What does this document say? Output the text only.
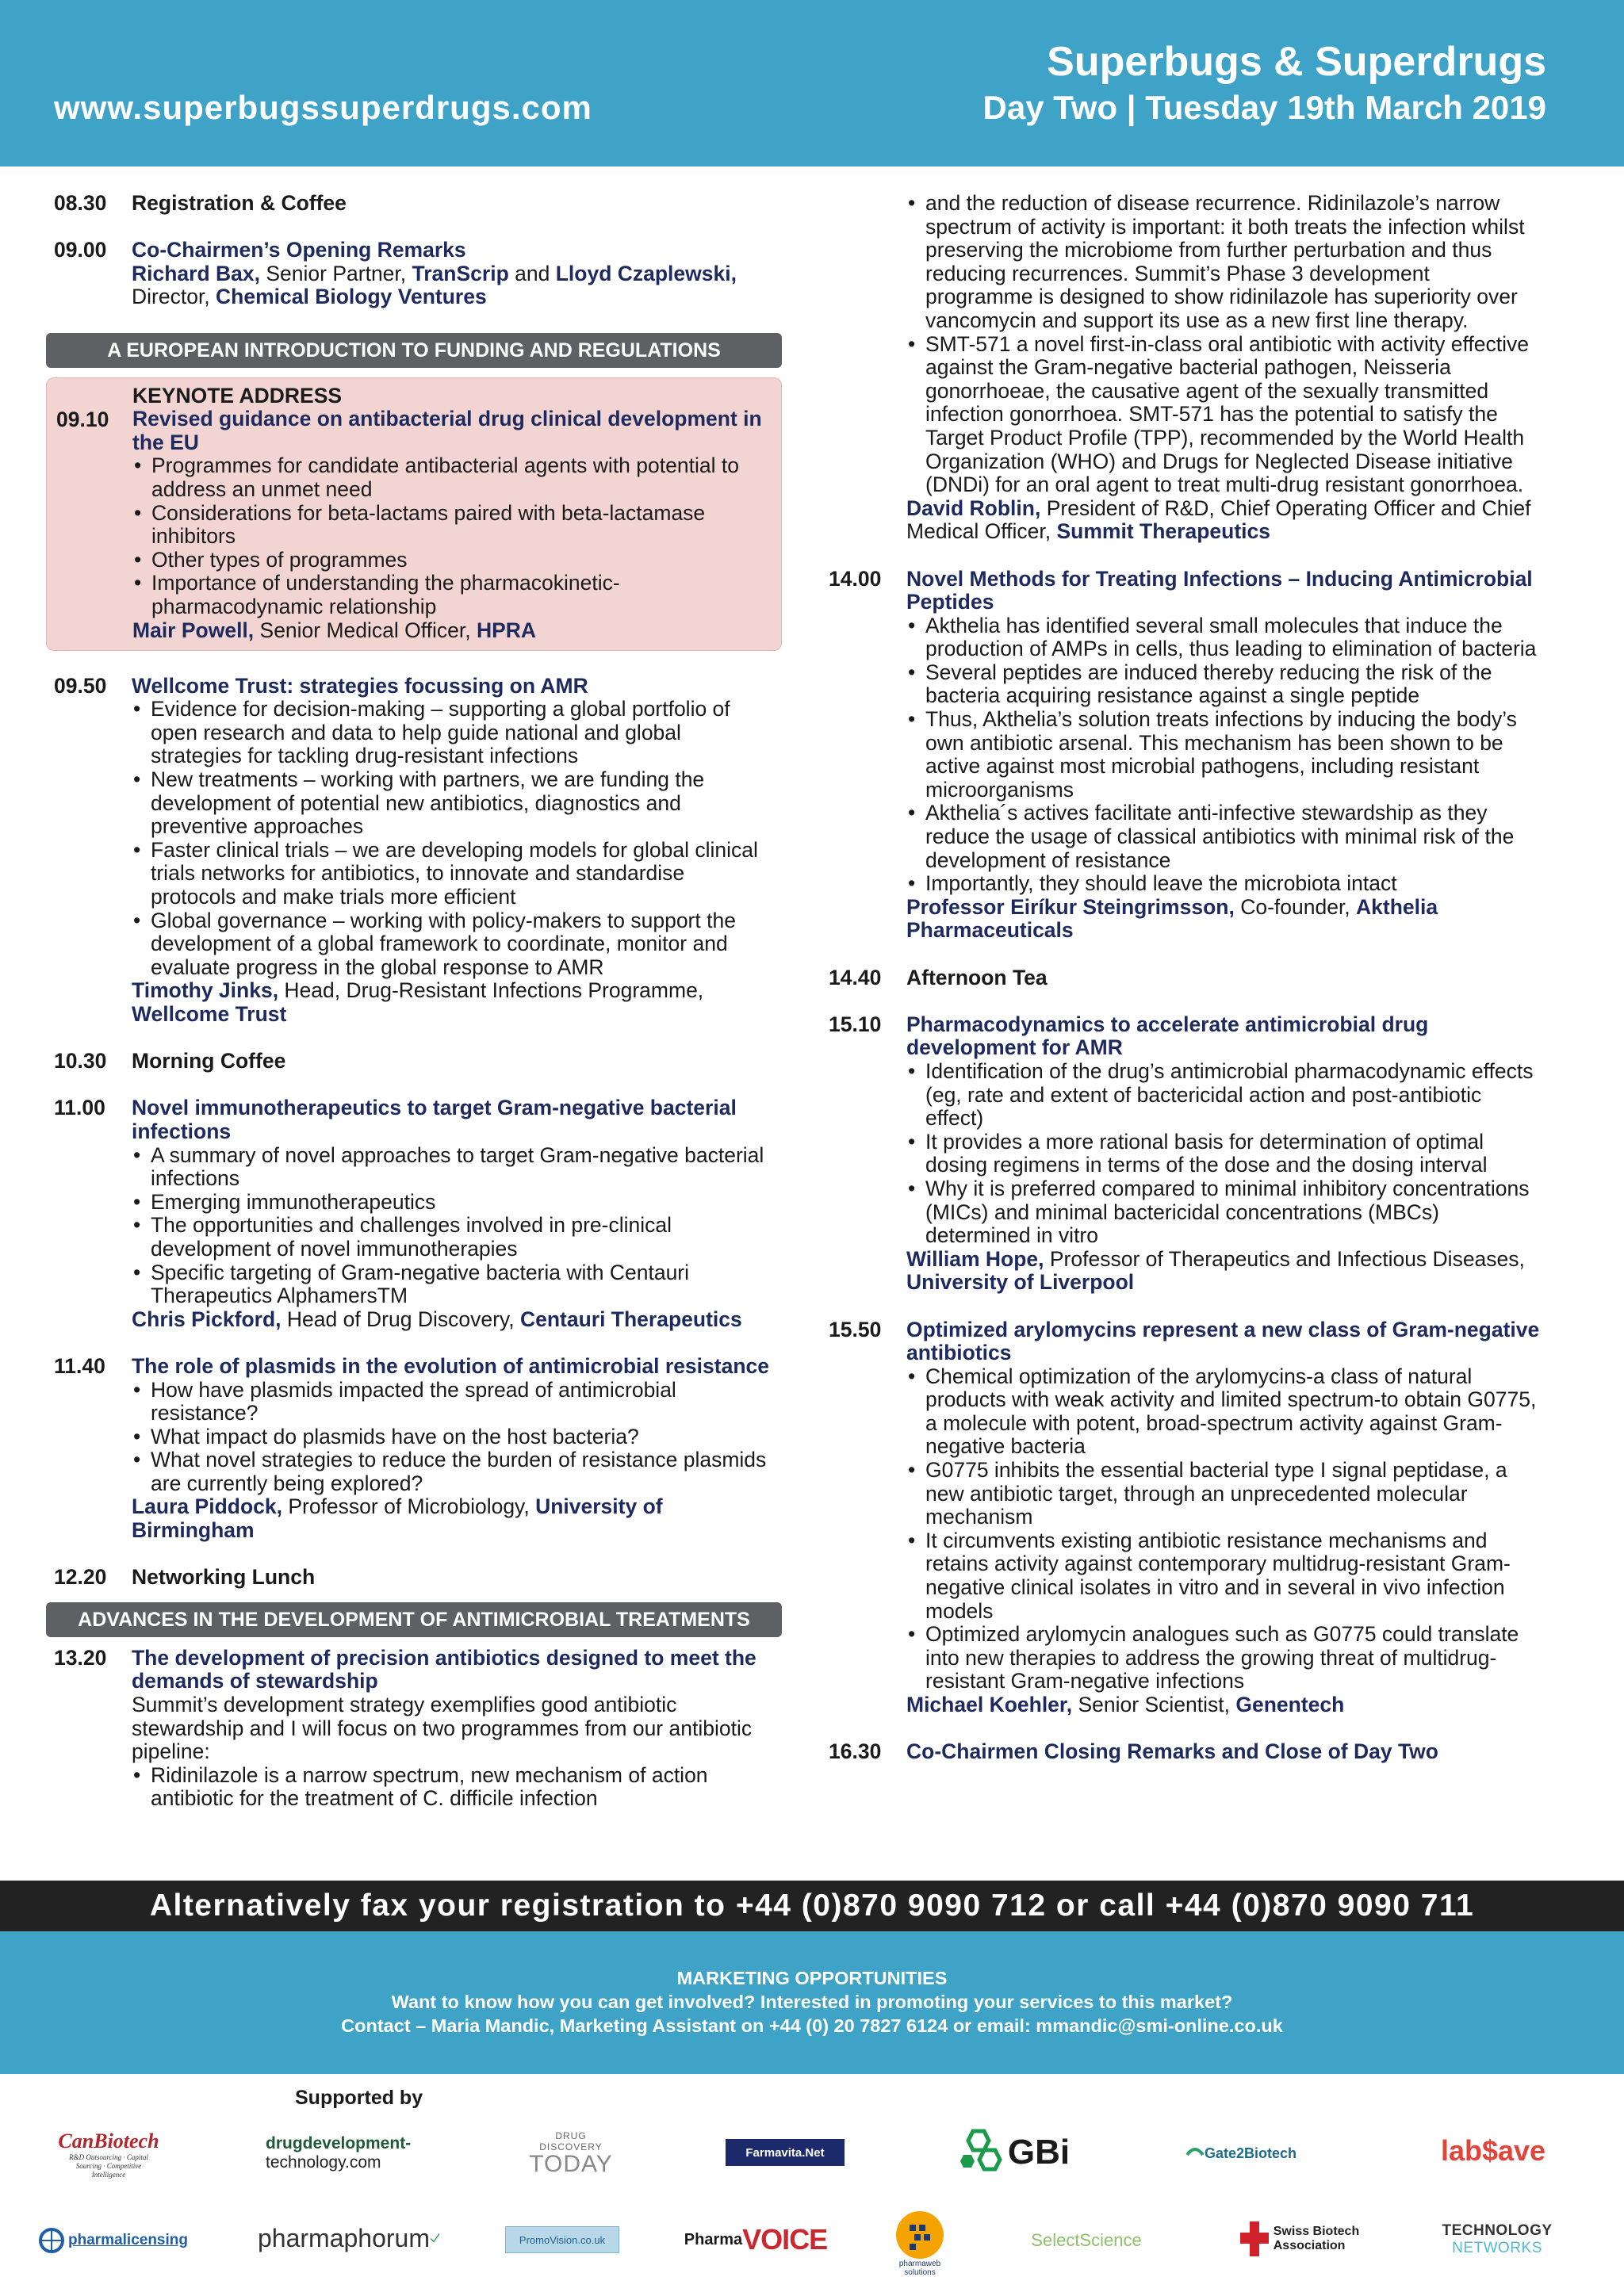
www.superbugssuperdrugs.com
Superbugs & Superdrugs
Day Two | Tuesday 19th March 2019
08.30 Registration & Coffee
09.00 Co-Chairmen’s Opening Remarks
Richard Bax, Senior Partner, TranScrip and Lloyd Czaplewski,
Director, Chemical Biology Ventures
A EUROPEAN INTRODUCTION TO FUNDING AND REGULATIONS
KEYNOTE ADDRESS
09.10 Revised guidance on antibacterial drug clinical development in the EU
• Programmes for candidate antibacterial agents with potential to address an unmet need
• Considerations for beta-lactams paired with beta-lactamase inhibitors
• Other types of programmes
• Importance of understanding the pharmacokinetic-pharmacodynamic relationship
Mair Powell, Senior Medical Officer, HPRA
09.50 Wellcome Trust: strategies focussing on AMR
• Evidence for decision-making – supporting a global portfolio of open research and data to help guide national and global strategies for tackling drug-resistant infections
• New treatments – working with partners, we are funding the development of potential new antibiotics, diagnostics and preventive approaches
• Faster clinical trials – we are developing models for global clinical trials networks for antibiotics, to innovate and standardise protocols and make trials more efficient
• Global governance – working with policy-makers to support the development of a global framework to coordinate, monitor and evaluate progress in the global response to AMR
Timothy Jinks, Head, Drug-Resistant Infections Programme, Wellcome Trust
10.30 Morning Coffee
11.00 Novel immunotherapeutics to target Gram-negative bacterial infections
• A summary of novel approaches to target Gram-negative bacterial infections
• Emerging immunotherapeutics
• The opportunities and challenges involved in pre-clinical development of novel immunotherapies
• Specific targeting of Gram-negative bacteria with Centauri Therapeutics AlphamersTM
Chris Pickford, Head of Drug Discovery, Centauri Therapeutics
11.40 The role of plasmids in the evolution of antimicrobial resistance
• How have plasmids impacted the spread of antimicrobial resistance?
• What impact do plasmids have on the host bacteria?
• What novel strategies to reduce the burden of resistance plasmids are currently being explored?
Laura Piddock, Professor of Microbiology, University of Birmingham
12.20 Networking Lunch
ADVANCES IN THE DEVELOPMENT OF ANTIMICROBIAL TREATMENTS
13.20 The development of precision antibiotics designed to meet the demands of stewardship

Summit’s development strategy exemplifies good antibiotic stewardship and I will focus on two programmes from our antibiotic pipeline:

• Ridinilazole is a narrow spectrum, new mechanism of action antibiotic for the treatment of C. difficile infection
• and the reduction of disease recurrence. Ridinilazole’s narrow spectrum of activity is important: it both treats the infection whilst preserving the microbiome from further perturbation and thus reducing recurrences. Summit’s Phase 3 development programme is designed to show ridinilazole has superiority over vancomycin and support its use as a new first line therapy.
• SMT-571 a novel first-in-class oral antibiotic with activity effective against the Gram-negative bacterial pathogen, Neisseria gonorrhoeae, the causative agent of the sexually transmitted infection gonorrhoea. SMT-571 has the potential to satisfy the Target Product Profile (TPP), recommended by the World Health Organization (WHO) and Drugs for Neglected Disease initiative (DNDi) for an oral agent to treat multi-drug resistant gonorrhoea.
David Roblin, President of R&D, Chief Operating Officer and Chief Medical Officer, Summit Therapeutics
14.00 Novel Methods for Treating Infections – Inducing Antimicrobial Peptides
• Akthelia has identified several small molecules that induce the production of AMPs in cells, thus leading to elimination of bacteria
• Several peptides are induced thereby reducing the risk of the bacteria acquiring resistance against a single peptide
• Thus, Akthelia’s solution treats infections by inducing the body’s own antibiotic arsenal. This mechanism has been shown to be active against most microbial pathogens, including resistant microorganisms
• Akthelia´s actives facilitate anti-infective stewardship as they reduce the usage of classical antibiotics with minimal risk of the development of resistance
• Importantly, they should leave the microbiota intact
Professor Eiríkur Steingrimsson, Co-founder, Akthelia Pharmaceuticals
14.40 Afternoon Tea
15.10 Pharmacodynamics to accelerate antimicrobial drug development for AMR
• Identification of the drug’s antimicrobial pharmacodynamic effects (eg, rate and extent of bactericidal action and post-antibiotic effect)
• It provides a more rational basis for determination of optimal dosing regimens in terms of the dose and the dosing interval
• Why it is preferred compared to minimal inhibitory concentrations (MICs) and minimal bactericidal concentrations (MBCs) determined in vitro
William Hope, Professor of Therapeutics and Infectious Diseases, University of Liverpool
15.50 Optimized arylomycins represent a new class of Gram-negative antibiotics
• Chemical optimization of the arylomycins-a class of natural products with weak activity and limited spectrum-to obtain G0775, a molecule with potent, broad-spectrum activity against Gram-negative bacteria
• G0775 inhibits the essential bacterial type I signal peptidase, a new antibiotic target, through an unprecedented molecular mechanism
• It circumvents existing antibiotic resistance mechanisms and retains activity against contemporary multidrug-resistant Gram-negative clinical isolates in vitro and in several in vivo infection models
• Optimized arylomycin analogues such as G0775 could translate into new therapies to address the growing threat of multidrug-resistant Gram-negative infections
Michael Koehler, Senior Scientist, Genentech
16.30 Co-Chairmen Closing Remarks and Close of Day Two
Alternatively fax your registration to +44 (0)870 9090 712 or call +44 (0)870 9090 711
MARKETING OPPORTUNITIES
Want to know how you can get involved? Interested in promoting your services to this market?
Contact – Maria Mandic, Marketing Assistant on +44 (0) 20 7827 6124 or email: mmandic@smi-online.co.uk
Supported by
CanBiotech
R&D Outsourcing · Capital Sourcing · Competitive Intelligence
drugdevelopment-
technology.com
DRUG DISCOVERY
TODAY	Farmavita.Net	GBi	Gate2Biotech	lab$ave
pharmalicensing	pharmaphorum	PromoVision.co.uk	Pharma VOICE
pharmaweb solutions
SelectScience	Swiss Biotech
Association
TECHNOLOGY
NETWORKS
